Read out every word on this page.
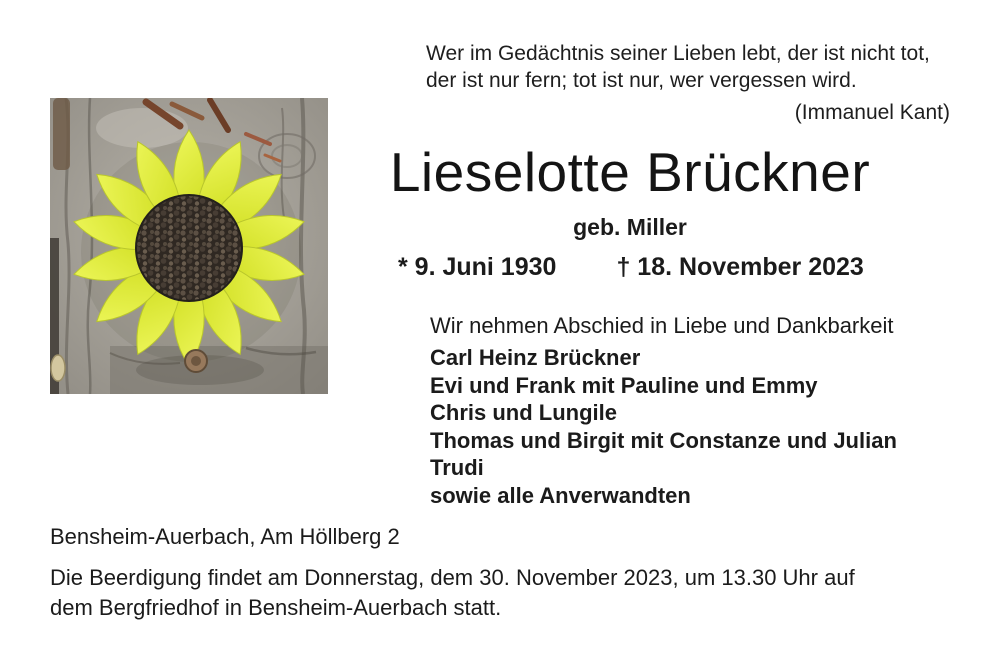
Wer im Gedächtnis seiner Lieben lebt, der ist nicht tot,
der ist nur fern; tot ist nur, wer vergessen wird.
(Immanuel Kant)
Lieselotte Brückner
geb. Miller
* 9. Juni 1930 † 18. November 2023
Wir nehmen Abschied in Liebe und Dankbarkeit
Carl Heinz Brückner
Evi und Frank mit Pauline und Emmy
Chris und Lungile
Thomas und Birgit mit Constanze und Julian
Trudi
sowie alle Anverwandten
Bensheim-Auerbach, Am Höllberg 2
Die Beerdigung findet am Donnerstag, dem 30. November 2023, um 13.30 Uhr auf
dem Bergfriedhof in Bensheim-Auerbach statt.
